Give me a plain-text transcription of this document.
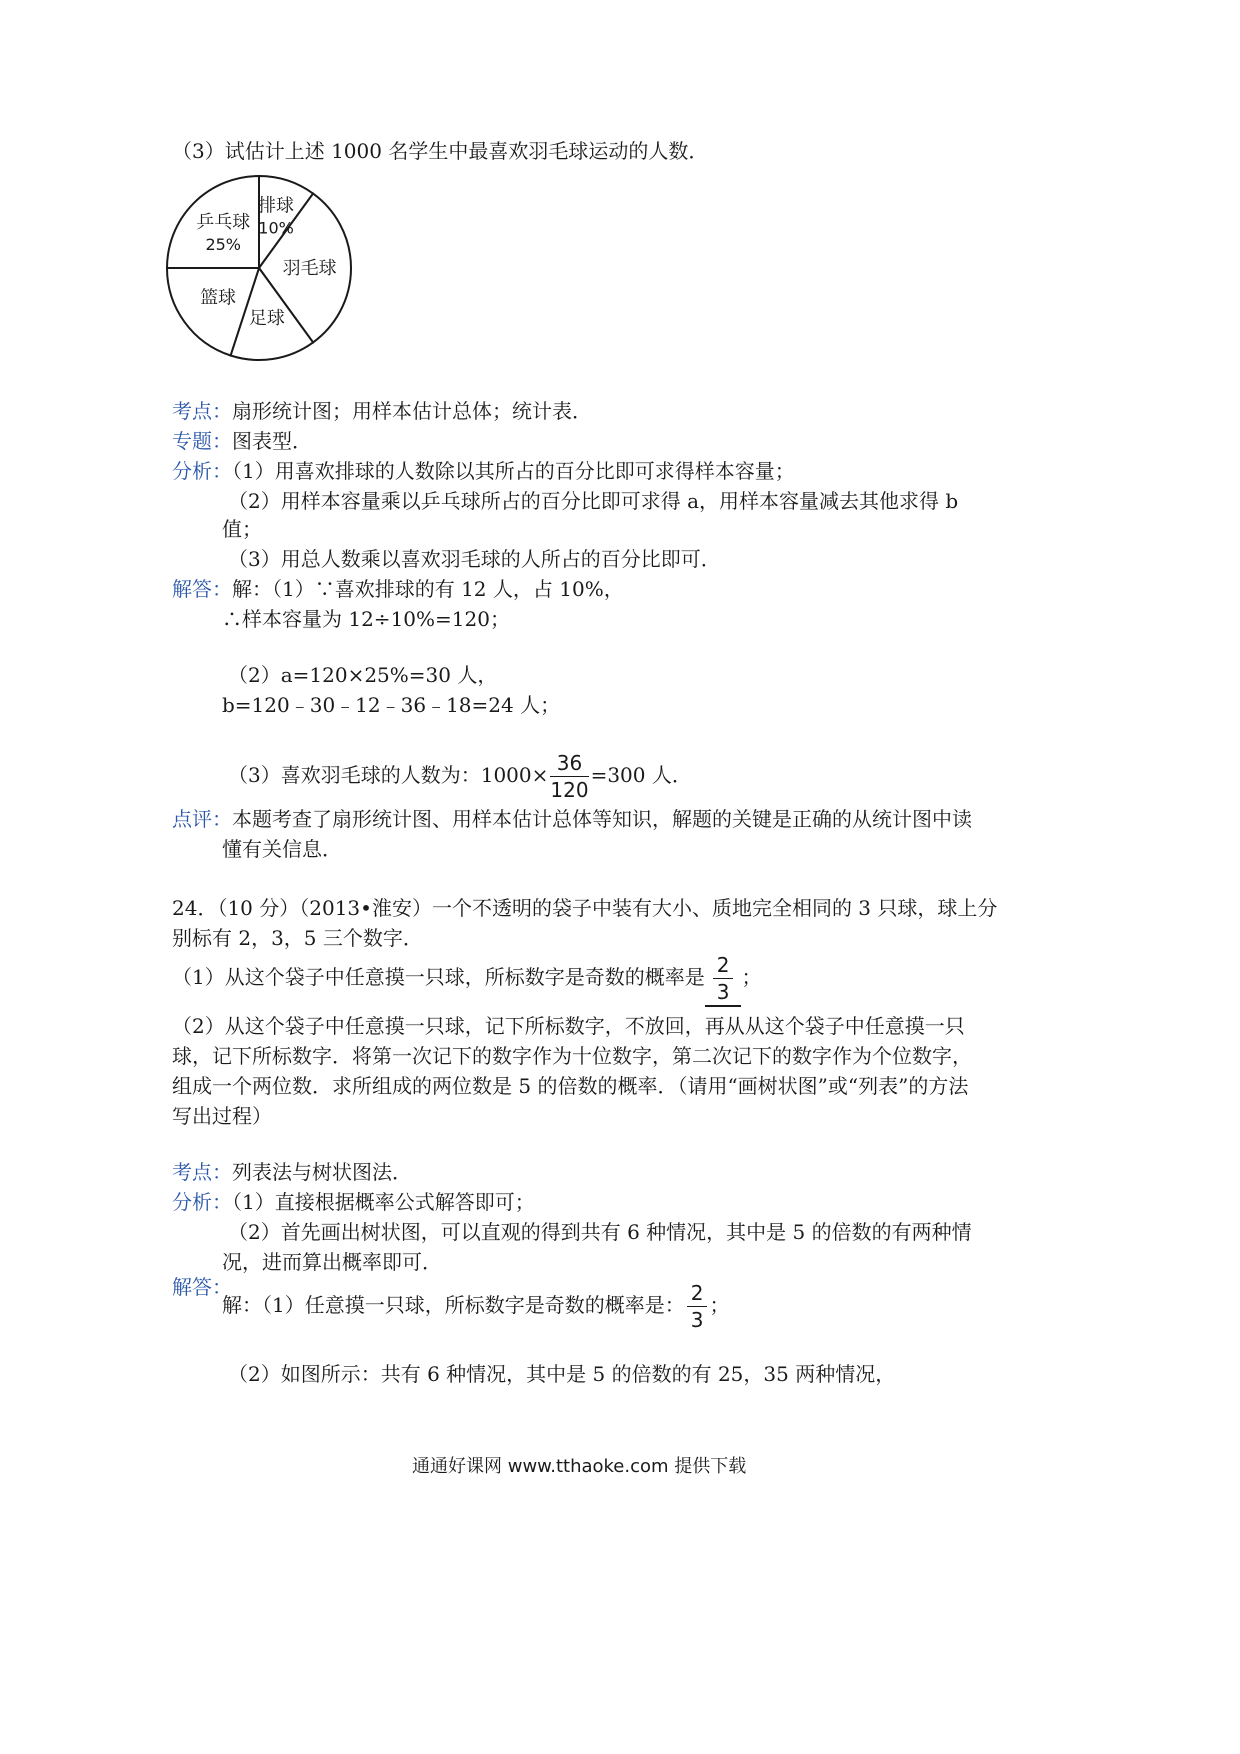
（3）试估计上述 1000 名学生中最喜欢羽毛球运动的人数．
排球
10%
羽毛球
足球
篮球
乒乓球
25%
考点：扇形统计图；用样本估计总体；统计表．
专题：图表型．
分析：（1）用喜欢排球的人数除以其所占的百分比即可求得样本容量；
（2）用样本容量乘以乒乓球所占的百分比即可求得 a，用样本容量减去其他求得 b
值；
（3）用总人数乘以喜欢羽毛球的人所占的百分比即可．
解答：解：（1）∵喜欢排球的有 12 人，占 10%，
∴样本容量为 12÷10%=120；
（2）a=120×25%=30 人，
b=120﹣30﹣12﹣36﹣18=24 人；
（3）喜欢羽毛球的人数为：$1000\times \frac{36}{120} =300$ 人．
点评：本题考查了扇形统计图、用样本估计总体等知识，解题的关键是正确的从统计图中读
懂有关信息．
24．（10 分）（2013•淮安）一个不透明的袋子中装有大小、质地完全相同的 3 只球，球上分
别标有 2，3，5 三个数字．
（1）从这个袋子中任意摸一只球，所标数字是奇数的概率是 $\frac{2}{3}$ ；
（2）从这个袋子中任意摸一只球，记下所标数字，不放回，再从从这个袋子中任意摸一只
球，记下所标数字．将第一次记下的数字作为十位数字，第二次记下的数字作为个位数字，
组成一个两位数．求所组成的两位数是 5 的倍数的概率．（请用“画树状图”或“列表”的方法
写出过程）
考点：列表法与树状图法．
分析：（1）直接根据概率公式解答即可；
（2）首先画出树状图，可以直观的得到共有 6 种情况，其中是 5 的倍数的有两种情
况，进而算出概率即可．
解答：
解：（1）任意摸一只球，所标数字是奇数的概率是： $\frac{2}{3}$ ；
（2）如图所示：共有 6 种情况，其中是 5 的倍数的有 25，35 两种情况，
通通好课网 www.tthaoke.com 提供下载
